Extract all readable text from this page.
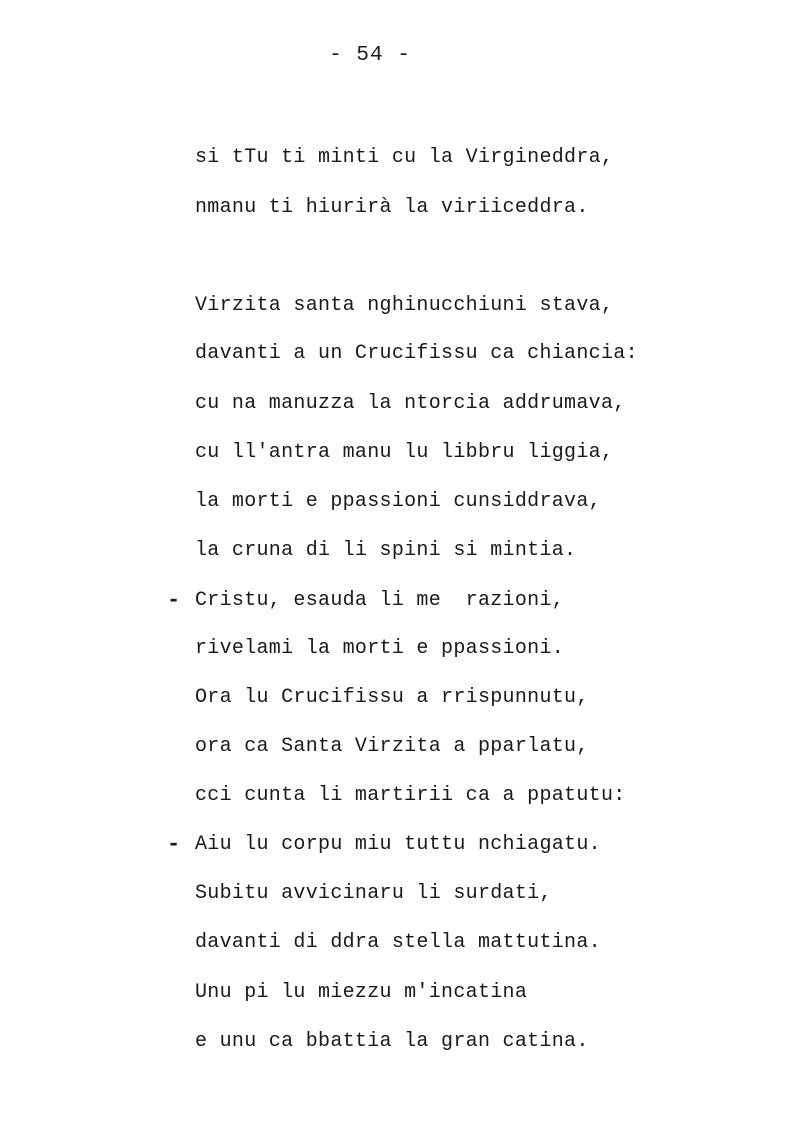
- 54 -
si tTu ti minti cu la Virgineddra,
nmanu ti hiurirà la viriiceddra.
Virzita santa nghinucchiuni stava,
davanti a un Crucifissu ca chiancia:
cu na manuzza la ntorcia addrumava,
cu ll'antra manu lu libbru liggia,
la morti e ppassioni cunsiddrava,
la cruna di li spini si mintia.
- Cristu, esauda li me  razioni,
rivelami la morti e ppassioni.
Ora lu Crucifissu a rrispunnutu,
ora ca Santa Virzita a pparlatu,
cci cunta li martirii ca a ppatutu:
- Aiu lu corpu miu tuttu nchiagatu.
Subitu avvicinaru li surdati,
davanti di ddra stella mattutina.
Unu pi lu miezzu m'incatina
e unu ca bbattia la gran catina.
